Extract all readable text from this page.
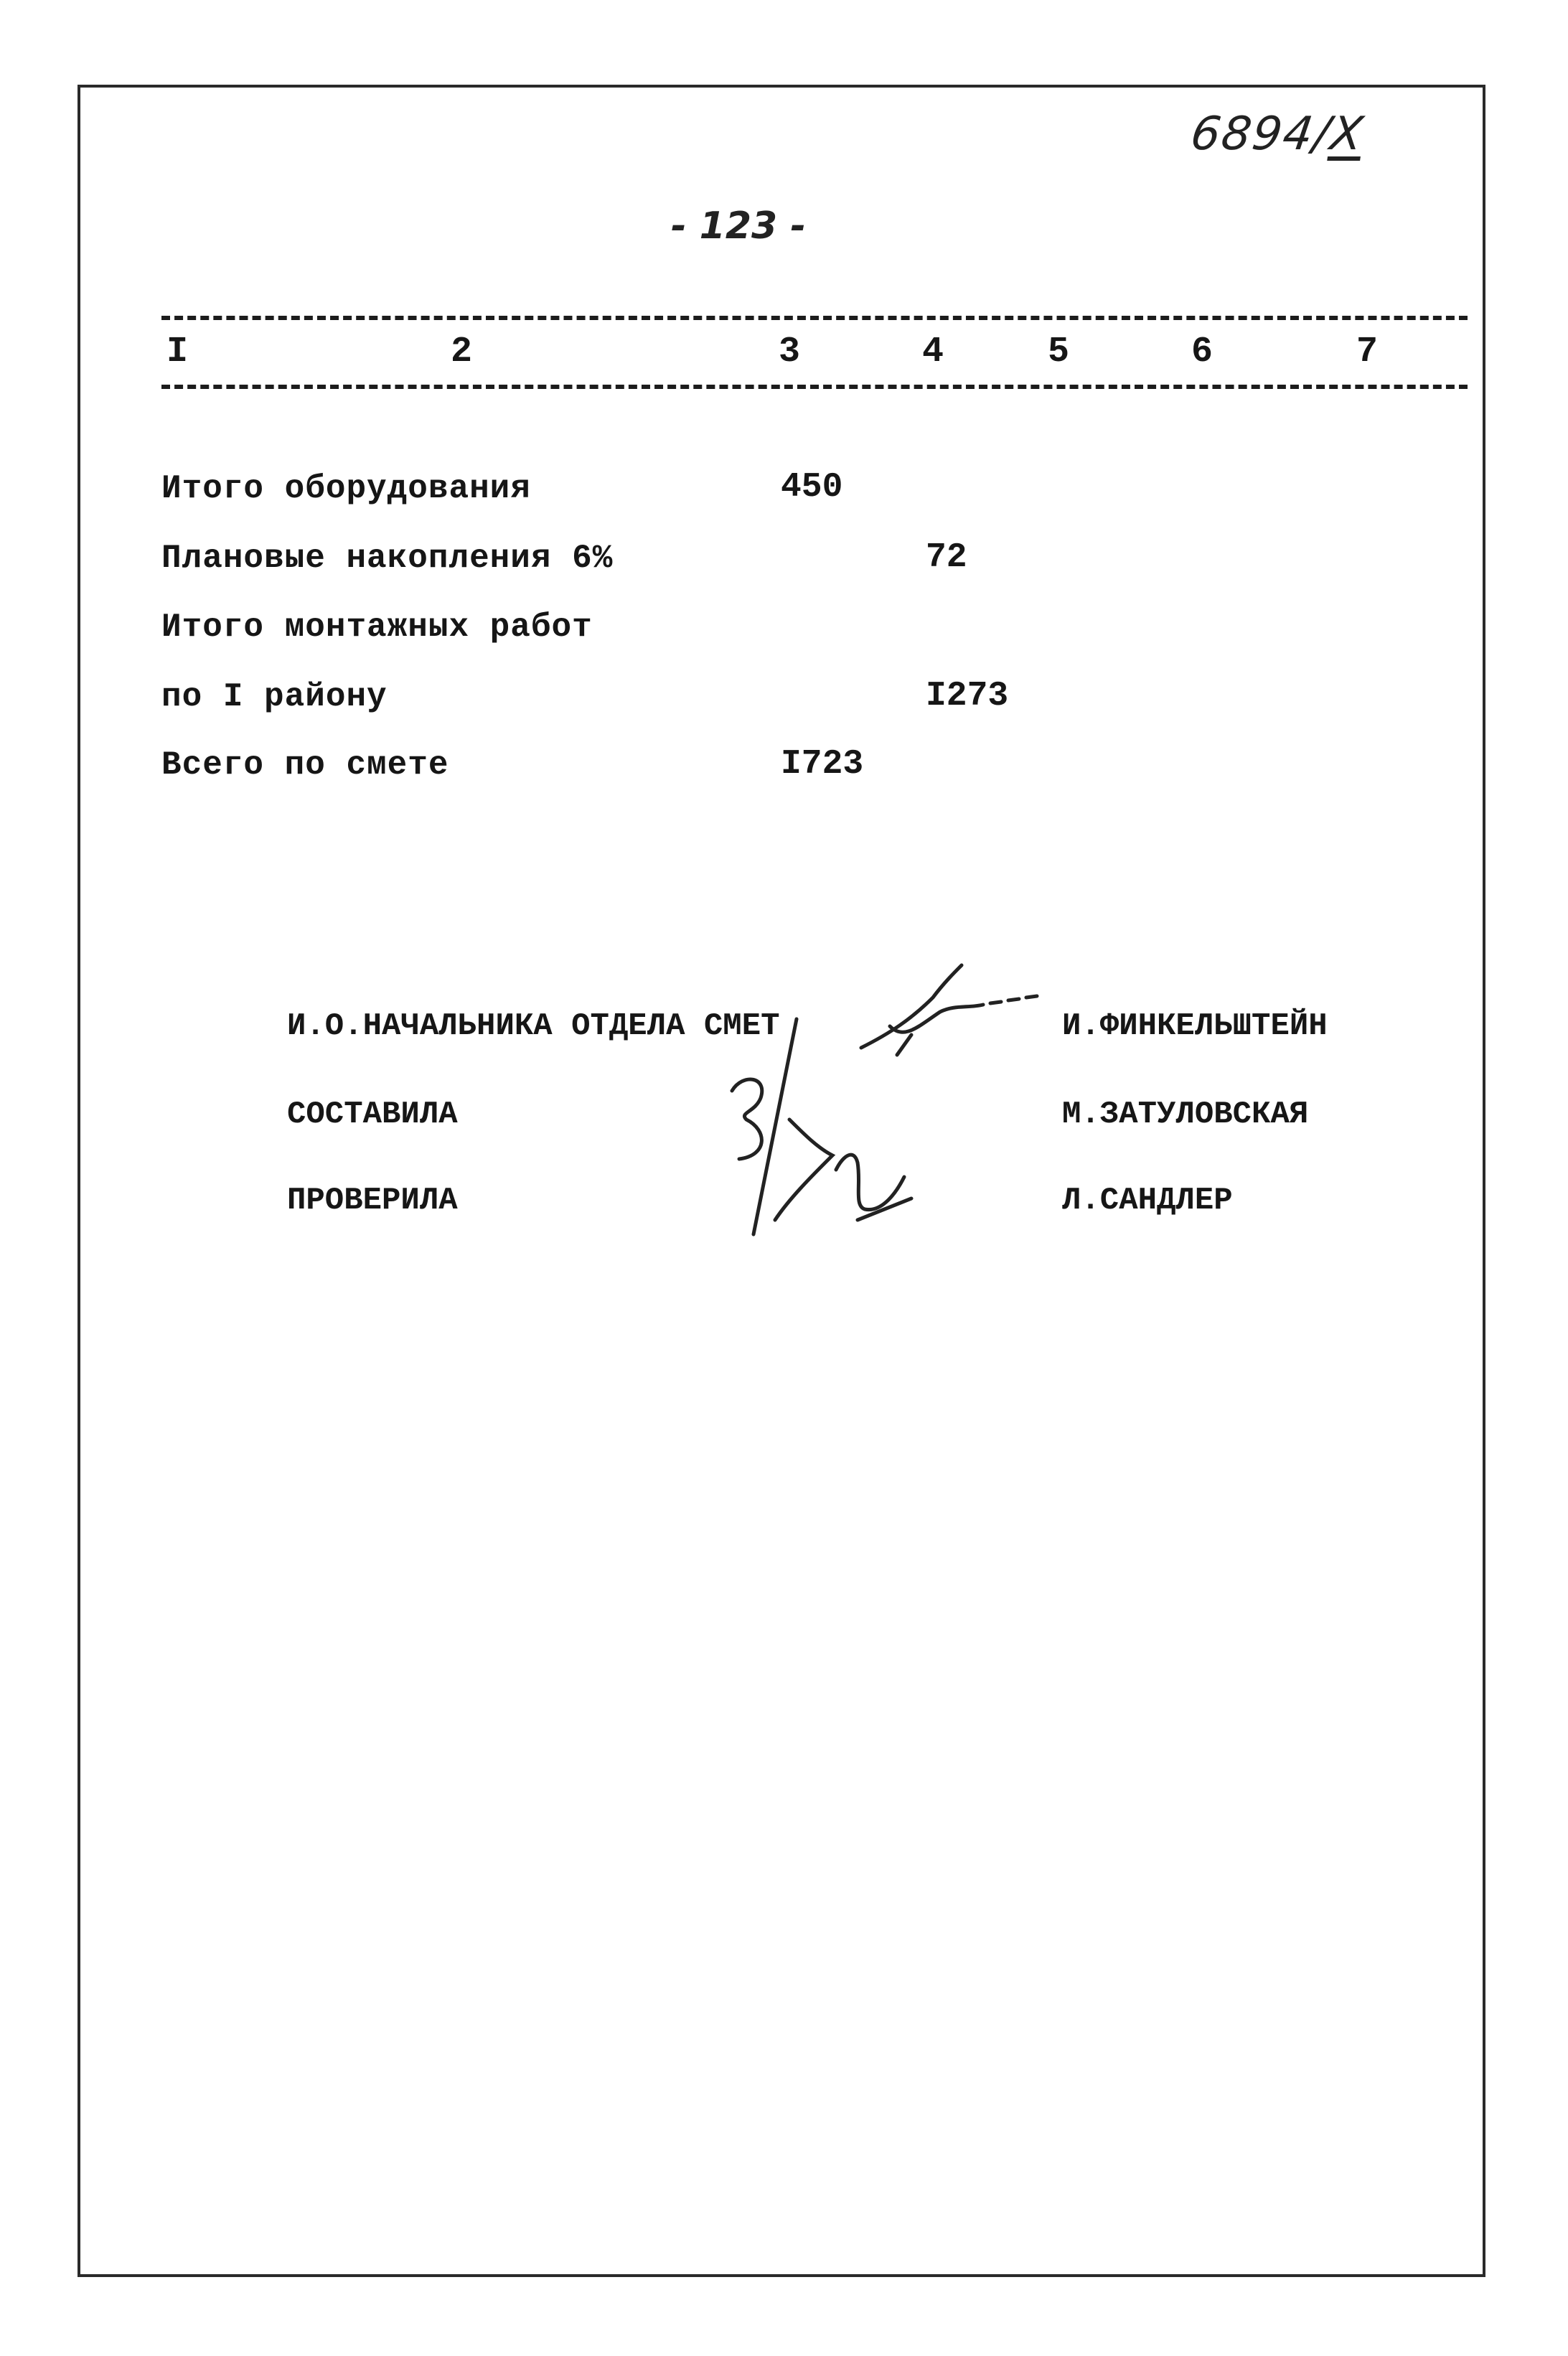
6894/X
- 123 -
I	2	3	4	5	6	7
Итого оборудования	450
Плановые накопления 6%	72
Итого монтажных работ
по I району	I273
Всего по смете	I723
И.О.НАЧАЛЬНИКА ОТДЕЛА СМЕТ	И.ФИНКЕЛЬШТЕЙН
СОСТАВИЛА	М.ЗАТУЛОВСКАЯ
ПРОВЕРИЛА	Л.САНДЛЕР
